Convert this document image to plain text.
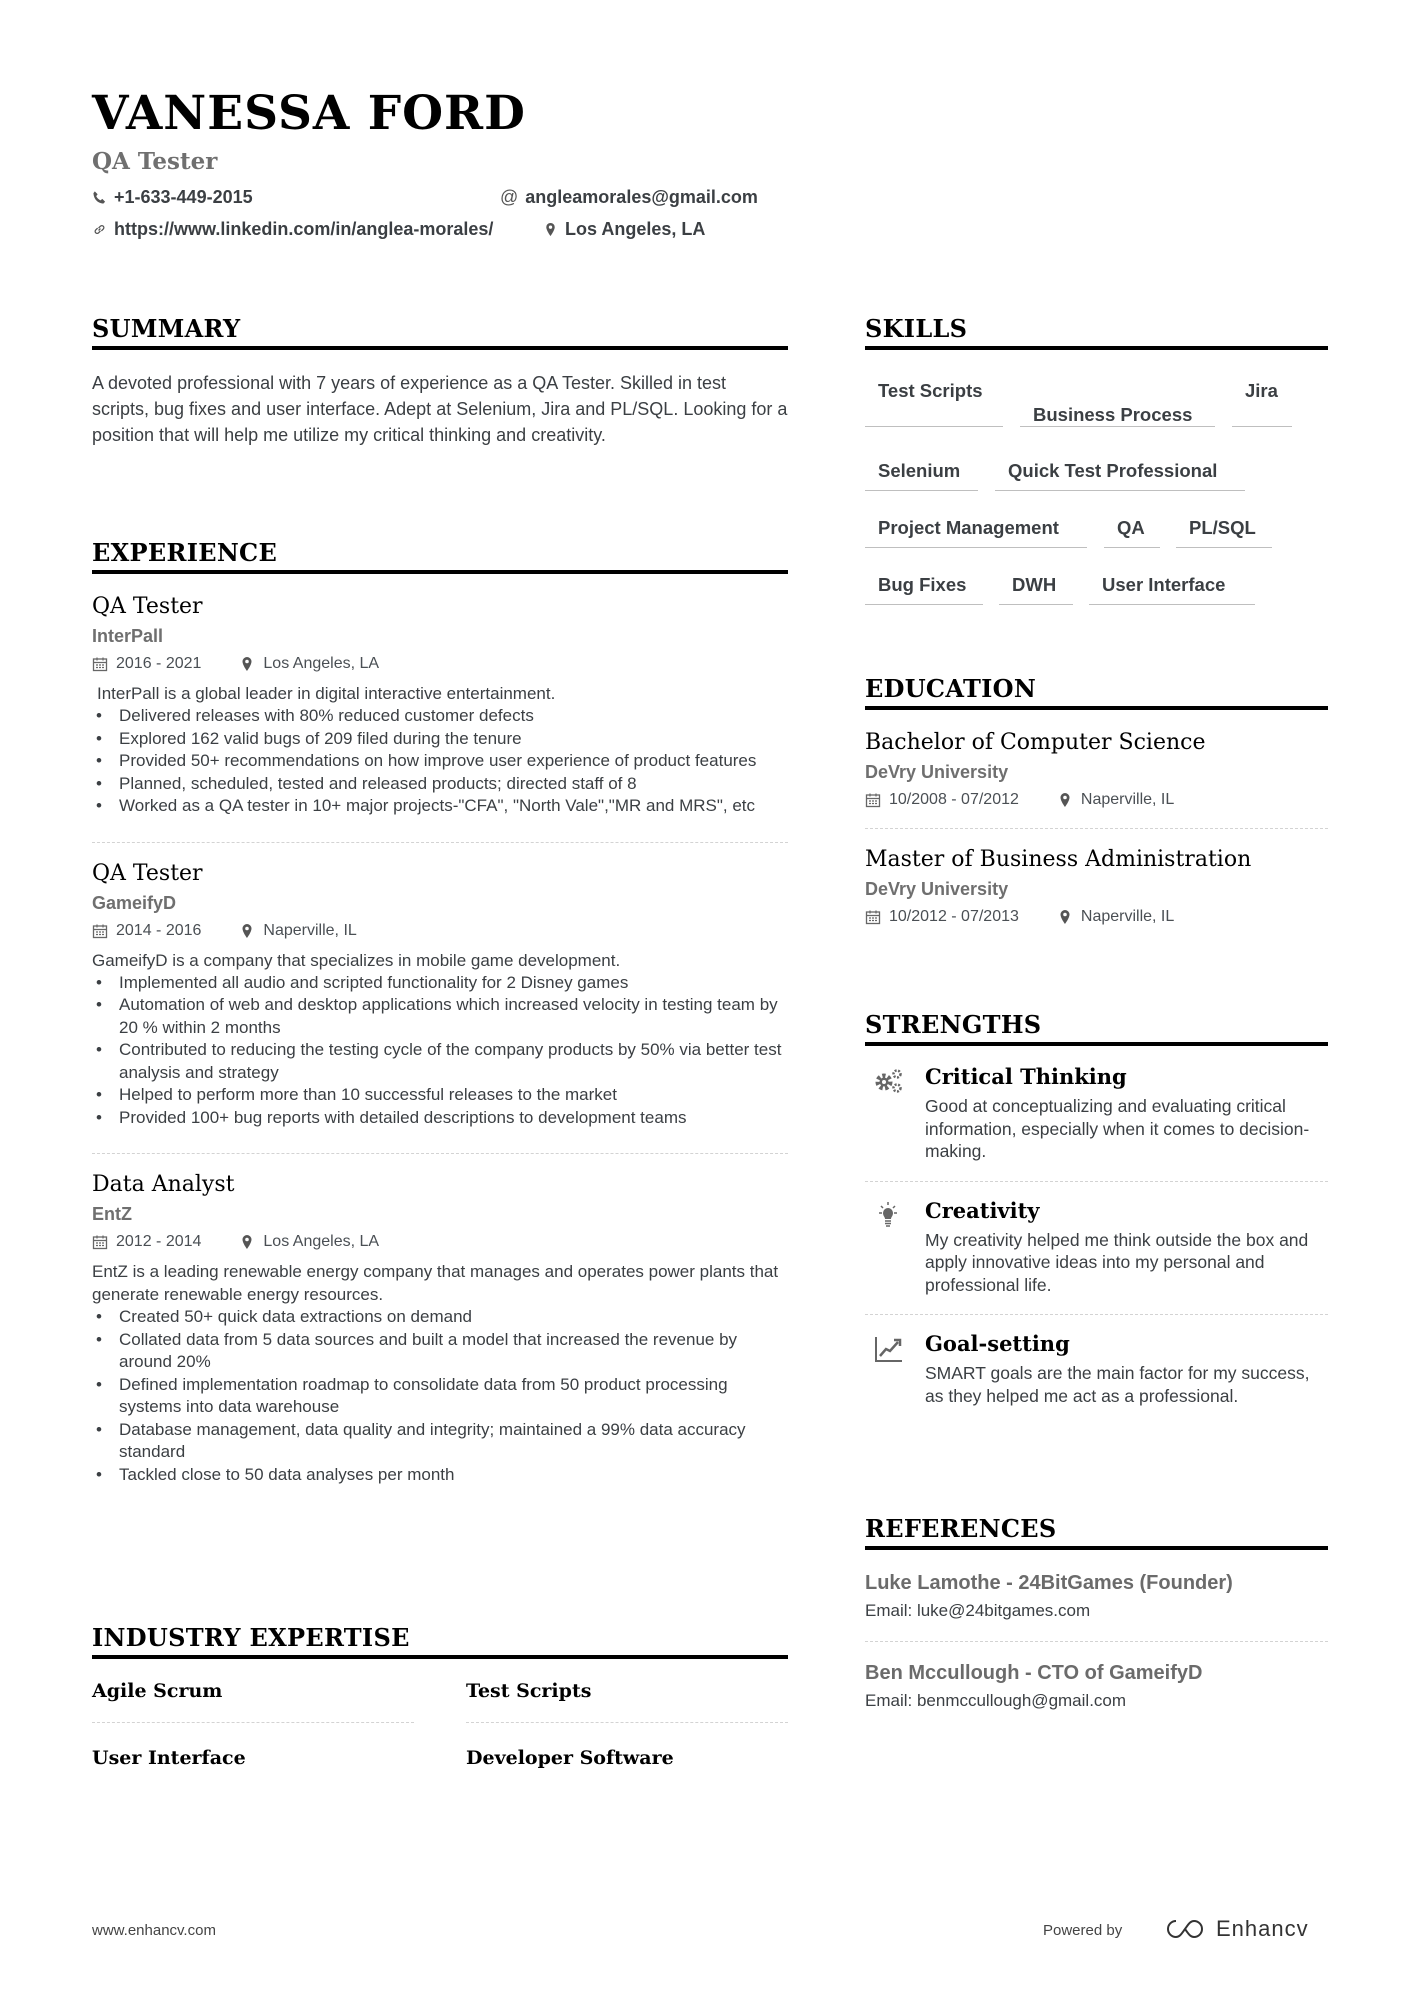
VANESSA FORD
QA Tester
+1-633-449-2015	@ angleamorales@gmail.com
https://www.linkedin.com/in/anglea-morales/	Los Angeles, LA
SUMMARY
A devoted professional with 7 years of experience as a QA Tester. Skilled in test scripts, bug fixes and user interface. Adept at Selenium, Jira and PL/SQL. Looking for a position that will help me utilize my critical thinking and creativity.
EXPERIENCE
QA Tester
InterPall
2016 - 2021	Los Angeles, LA
InterPall is a global leader in digital interactive entertainment.
• Delivered releases with 80% reduced customer defects
• Explored 162 valid bugs of 209 filed during the tenure
• Provided 50+ recommendations on how improve user experience of product features
• Planned, scheduled, tested and released products; directed staff of 8
• Worked as a QA tester in 10+ major projects-"CFA", "North Vale","MR and MRS", etc
QA Tester
GameifyD
2014 - 2016	Naperville, IL
GameifyD is a company that specializes in mobile game development.
• Implemented all audio and scripted functionality for 2 Disney games
• Automation of web and desktop applications which increased velocity in testing team by 20 % within 2 months
• Contributed to reducing the testing cycle of the company products by 50% via better test analysis and strategy
• Helped to perform more than 10 successful releases to the market
• Provided 100+ bug reports with detailed descriptions to development teams
Data Analyst
EntZ
2012 - 2014	Los Angeles, LA
EntZ is a leading renewable energy company that manages and operates power plants that generate renewable energy resources.
• Created 50+ quick data extractions on demand
• Collated data from 5 data sources and built a model that increased the revenue by around 20%
• Defined implementation roadmap to consolidate data from 50 product processing systems into data warehouse
• Database management, data quality and integrity; maintained a 99% data accuracy standard
• Tackled close to 50 data analyses per month
INDUSTRY EXPERTISE
Agile Scrum	Test Scripts
User Interface	Developer Software
SKILLS
Test Scripts
Business Process
Jira
Selenium	Quick Test Professional
Project Management	QA	PL/SQL
Bug Fixes	DWH	User Interface
EDUCATION
Bachelor of Computer Science
DeVry University
10/2008 - 07/2012	Naperville, IL
Master of Business Administration
DeVry University
10/2012 - 07/2013	Naperville, IL
STRENGTHS
Critical Thinking
Good at conceptualizing and evaluating critical information, especially when it comes to decision-making.
Creativity
My creativity helped me think outside the box and apply innovative ideas into my personal and professional life.
Goal-setting
SMART goals are the main factor for my success, as they helped me act as a professional.
REFERENCES
Luke Lamothe - 24BitGames (Founder)
Email: luke@24bitgames.com
Ben Mccullough - CTO of GameifyD
Email: benmccullough@gmail.com
www.enhancv.com	Powered by	Enhancv
